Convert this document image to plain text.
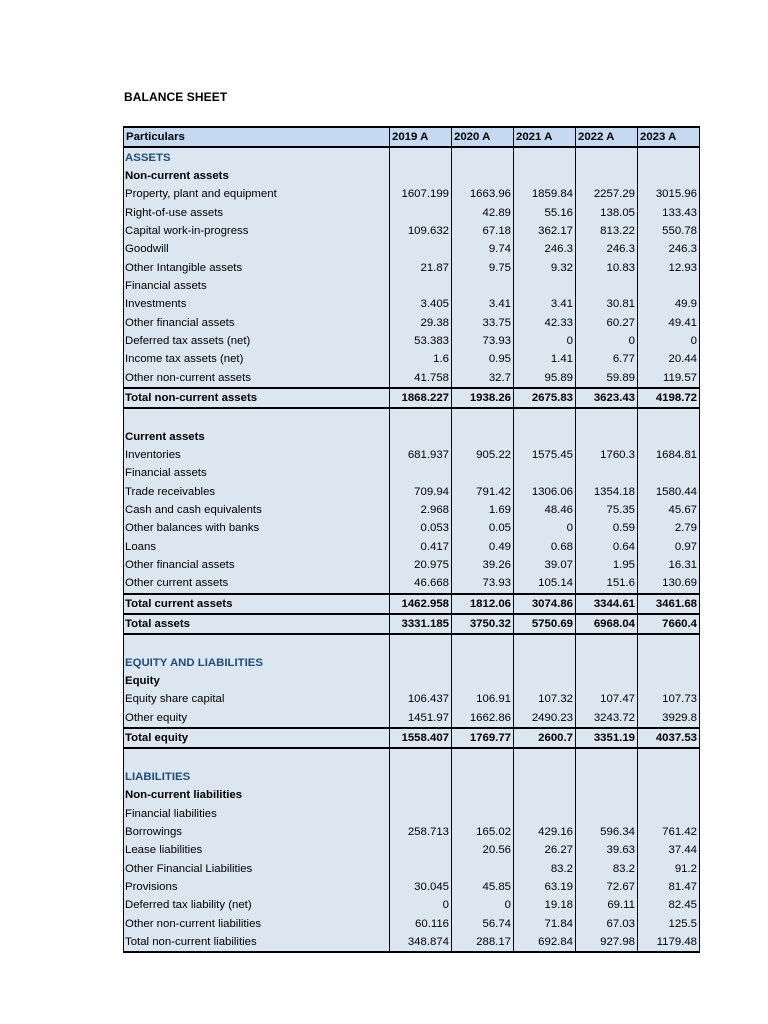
BALANCE SHEET
Particulars	2019 A	2020 A	2021 A	2022 A	2023 A
ASSETS					
Non-current assets					
Property, plant and equipment	1607.199	1663.96	1859.84	2257.29	3015.96
Right-of-use assets		42.89	55.16	138.05	133.43
Capital work-in-progress	109.632	67.18	362.17	813.22	550.78
Goodwill		9.74	246.3	246.3	246.3
Other Intangible assets	21.87	9.75	9.32	10.83	12.93
Financial assets					
Investments	3.405	3.41	3.41	30.81	49.9
Other financial assets	29.38	33.75	42.33	60.27	49.41
Deferred tax assets (net)	53.383	73.93	0	0	0
Income tax assets (net)	1.6	0.95	1.41	6.77	20.44
Other non-current assets	41.758	32.7	95.89	59.89	119.57
Total non-current assets	1868.227	1938.26	2675.83	3623.43	4198.72

Current assets					
Inventories	681.937	905.22	1575.45	1760.3	1684.81
Financial assets					
Trade receivables	709.94	791.42	1306.06	1354.18	1580.44
Cash and cash equivalents	2.968	1.69	48.46	75.35	45.67
Other balances with banks	0.053	0.05	0	0.59	2.79
Loans	0.417	0.49	0.68	0.64	0.97
Other financial assets	20.975	39.26	39.07	1.95	16.31
Other current assets	46.668	73.93	105.14	151.6	130.69
Total current assets	1462.958	1812.06	3074.86	3344.61	3461.68
Total assets	3331.185	3750.32	5750.69	6968.04	7660.4

EQUITY AND LIABILITIES					
Equity					
Equity share capital	106.437	106.91	107.32	107.47	107.73
Other equity	1451.97	1662.86	2490.23	3243.72	3929.8
Total equity	1558.407	1769.77	2600.7	3351.19	4037.53

LIABILITIES					
Non-current liabilities					
Financial liabilities					
Borrowings	258.713	165.02	429.16	596.34	761.42
Lease liabilities		20.56	26.27	39.63	37.44
Other Financial Liabilities			83.2	83.2	91.2
Provisions	30.045	45.85	63.19	72.67	81.47
Deferred tax liability (net)	0	0	19.18	69.11	82.45
Other non-current liabilities	60.116	56.74	71.84	67.03	125.5
Total non-current liabilities	348.874	288.17	692.84	927.98	1179.48
